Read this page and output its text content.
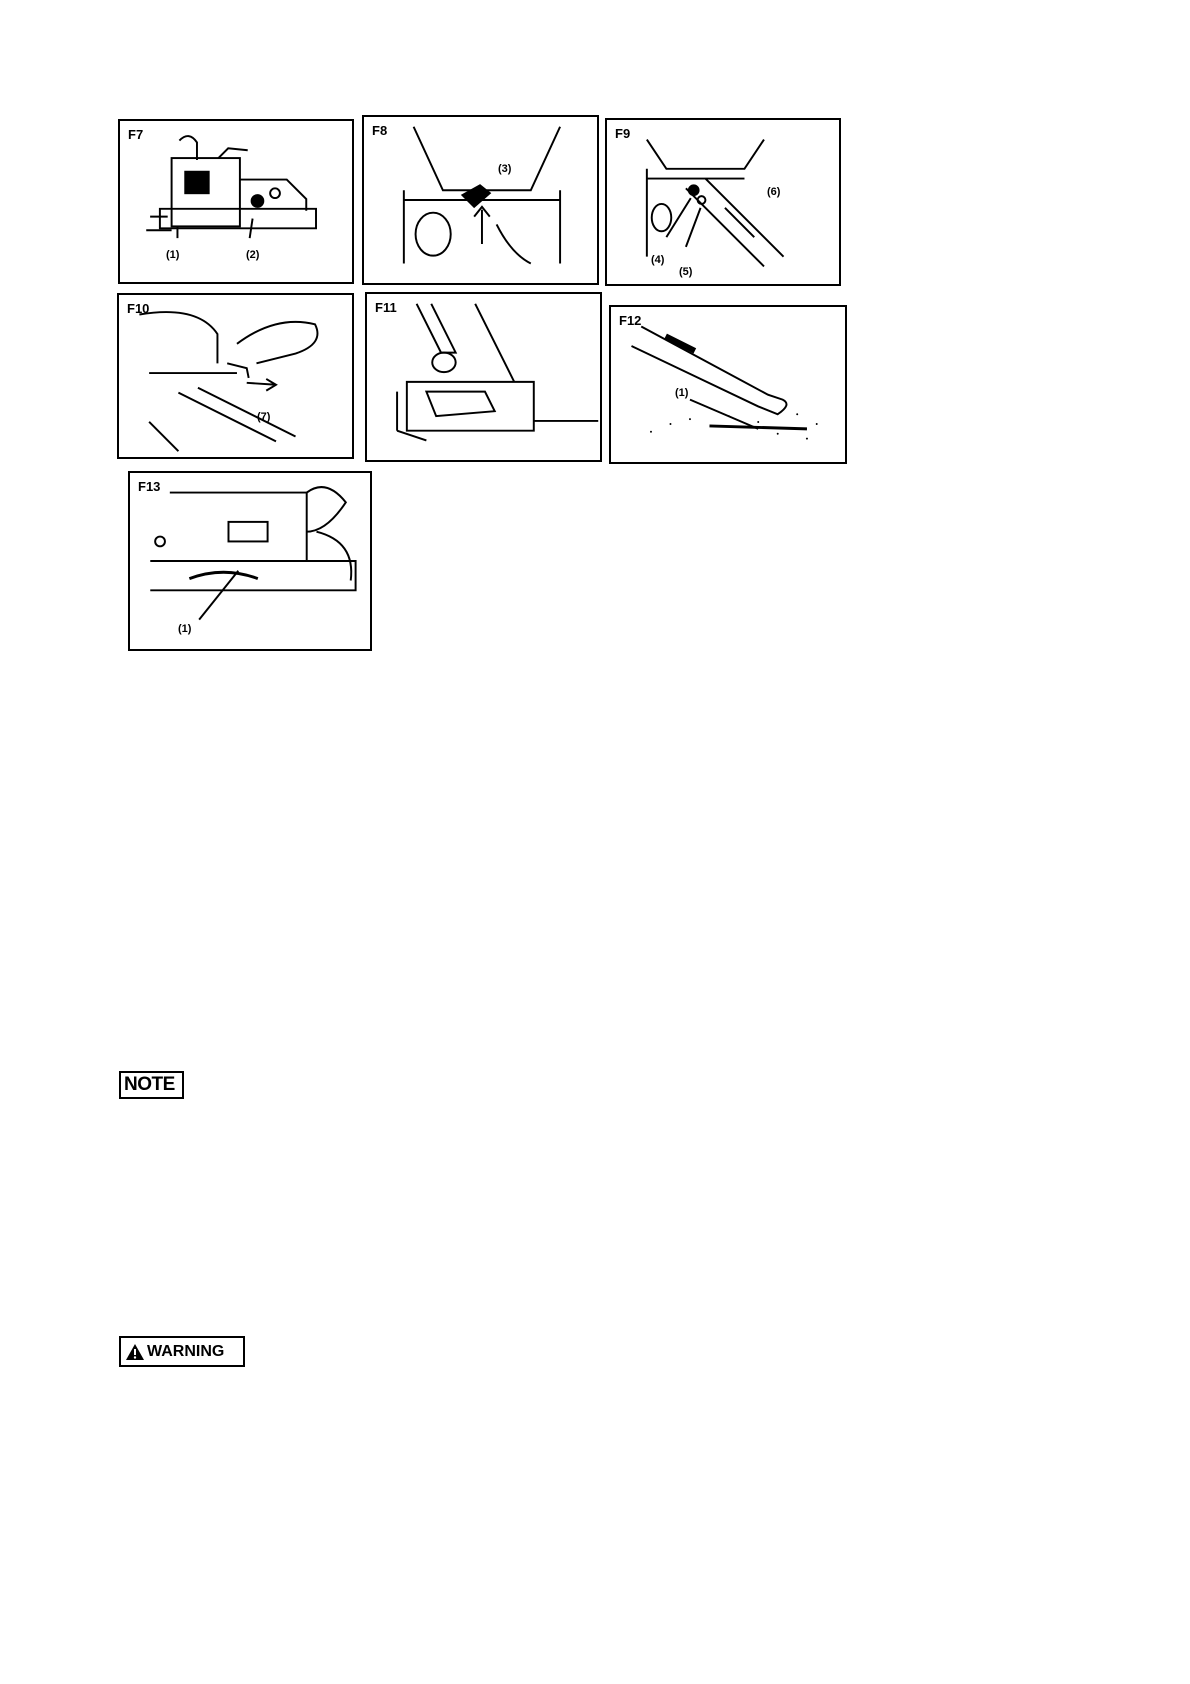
F7
(1)	(2)
F8
(3)
F9
(4)
(5)
(6)
F10
(7)
F11
F12
(1)
F13
(1)
NOTE
WARNING
